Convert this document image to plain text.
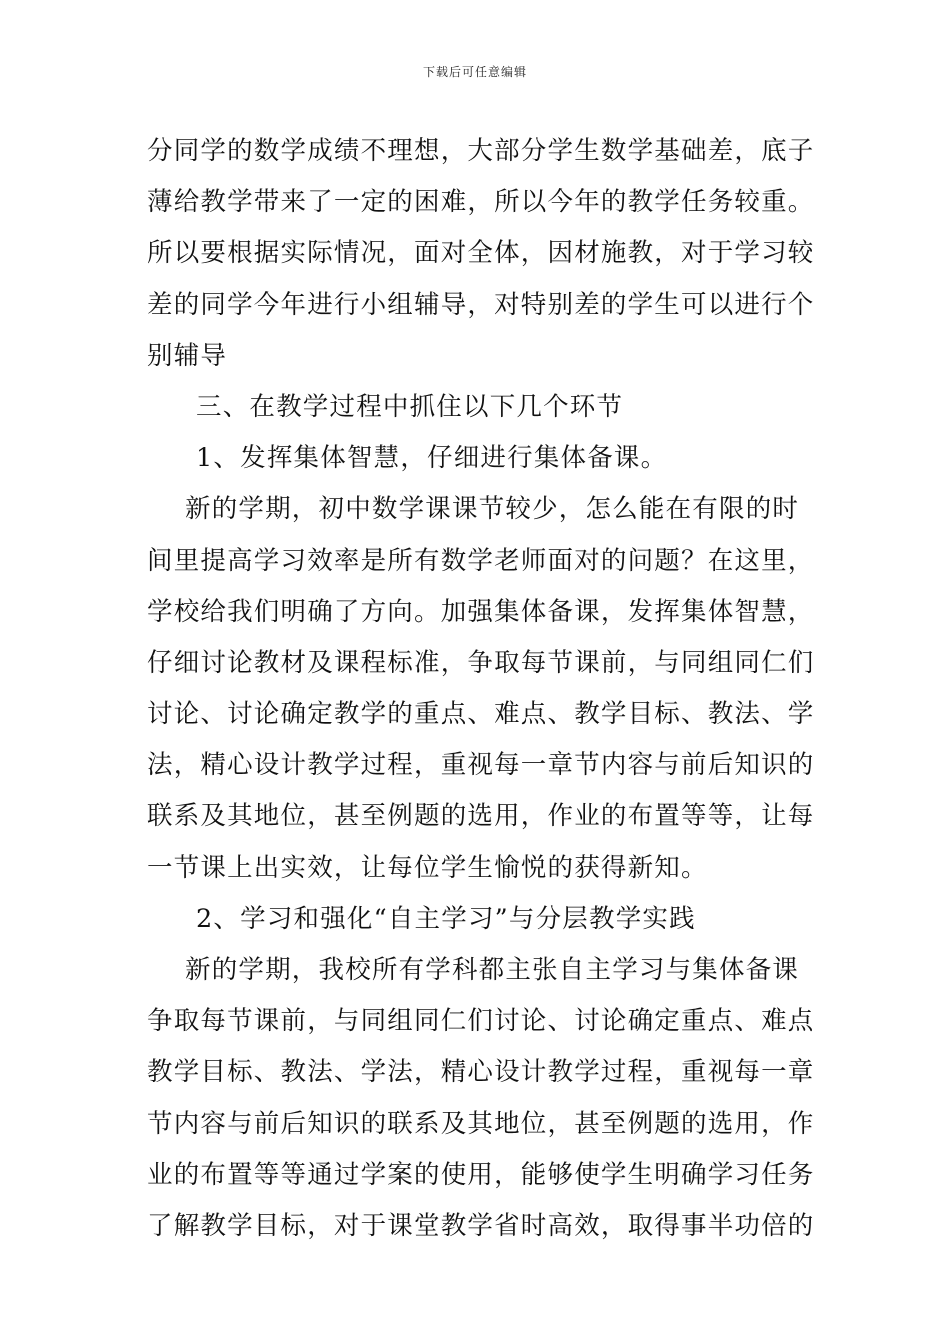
下载后可任意编辑
分同学的数学成绩不理想，大部分学生数学基础差，底子
薄给教学带来了一定的困难，所以今年的教学任务较重。
所以要根据实际情况，面对全体，因材施教，对于学习较
差的同学今年进行小组辅导，对特别差的学生可以进行个
别辅导
三、在教学过程中抓住以下几个环节
1、发挥集体智慧，仔细进行集体备课。
新的学期，初中数学课课节较少，怎么能在有限的时
间里提高学习效率是所有数学老师面对的问题？在这里，
学校给我们明确了方向。加强集体备课，发挥集体智慧，
仔细讨论教材及课程标准，争取每节课前，与同组同仁们
讨论、讨论确定教学的重点、难点、教学目标、教法、学
法，精心设计教学过程，重视每一章节内容与前后知识的
联系及其地位，甚至例题的选用，作业的布置等等，让每
一节课上出实效，让每位学生愉悦的获得新知。
2、学习和强化“自主学习”与分层教学实践
新的学期，我校所有学科都主张自主学习与集体备课
争取每节课前，与同组同仁们讨论、讨论确定重点、难点
教学目标、教法、学法，精心设计教学过程，重视每一章
节内容与前后知识的联系及其地位，甚至例题的选用，作
业的布置等等通过学案的使用，能够使学生明确学习任务
了解教学目标，对于课堂教学省时高效，取得事半功倍的
